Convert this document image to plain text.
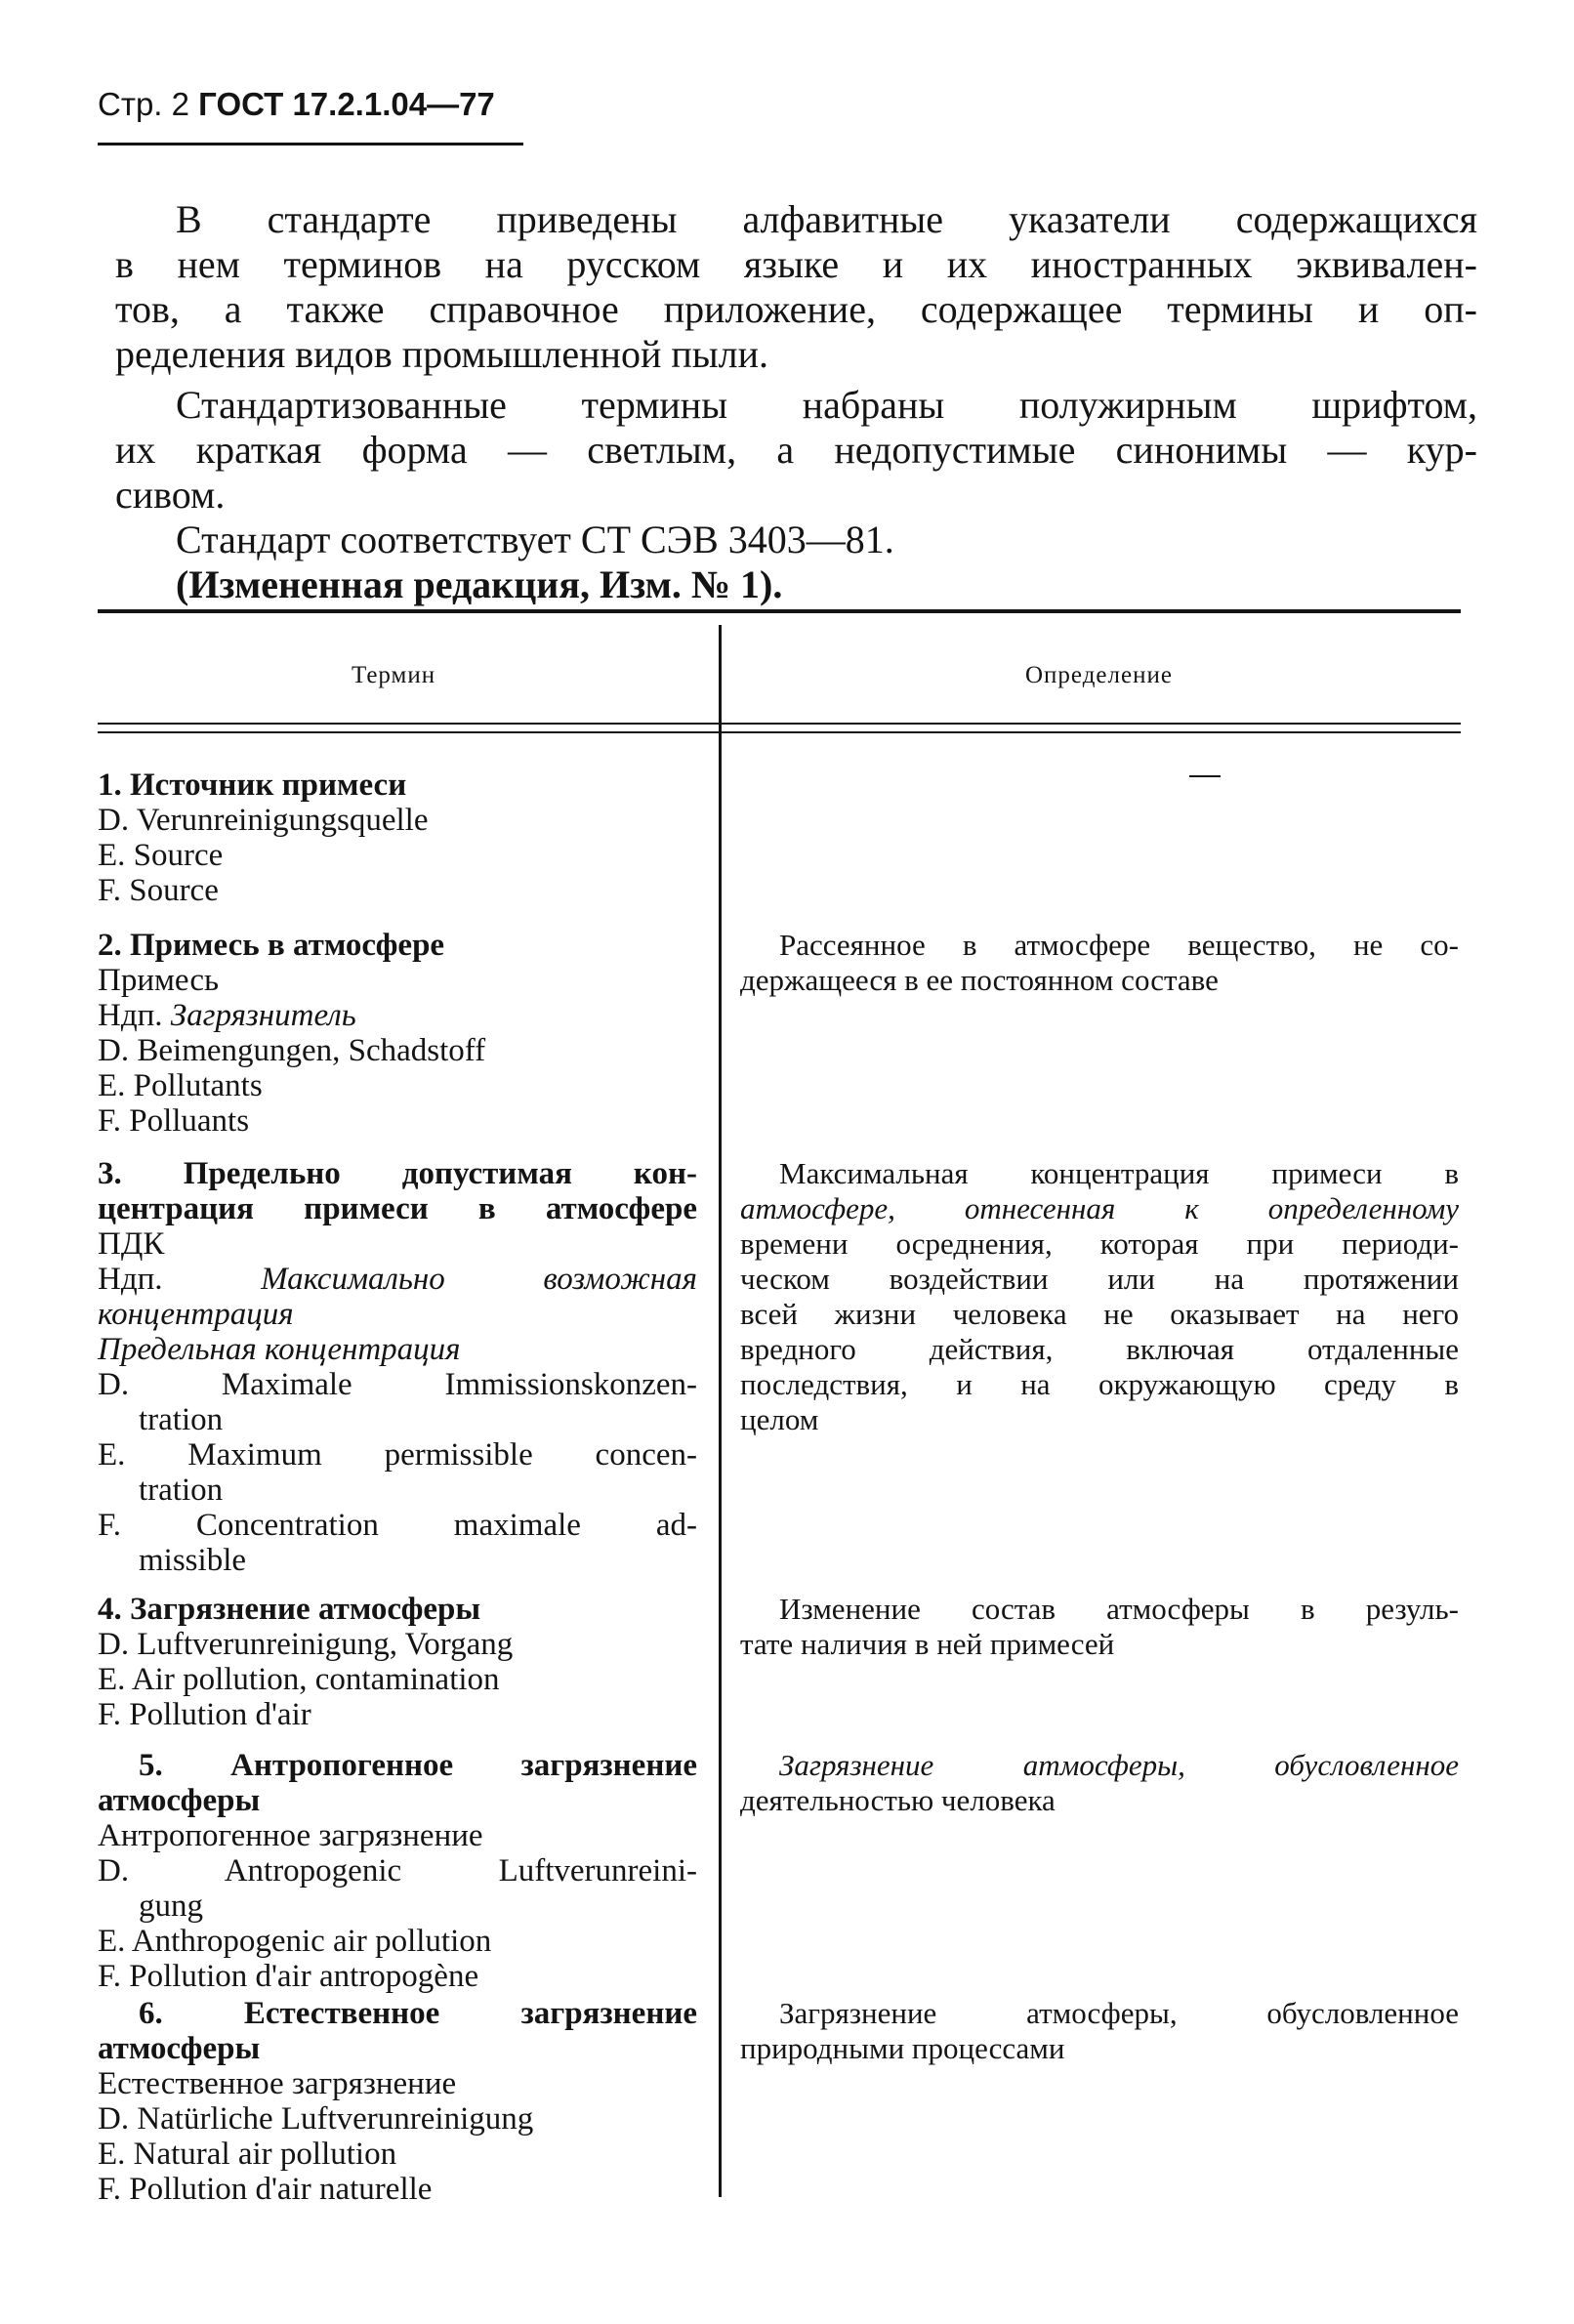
Стр. 2 ГОСТ 17.2.1.04—77
В стандарте приведены алфавитные указатели содержащихся
в нем терминов на русском языке и их иностранных эквивален-
тов, а также справочное приложение, содержащее термины и оп-
ределения видов промышленной пыли.
Стандартизованные термины набраны полужирным шрифтом,
их краткая форма — светлым, а недопустимые синонимы — кур-
сивом.
Стандарт соответствует СТ СЭВ 3403—81.
(Измененная редакция, Изм. № 1).
Термин	Определение
1. Источник примеси
D. Verunreinigungsquelle
E. Source
F. Source
2. Примесь в атмосфере
Примесь
Ндп. Загрязнитель
D. Beimengungen, Schadstoff
E. Pollutants
F. Polluants
Рассеянное в атмосфере вещество, не со-
держащееся в ее постоянном составе
3. Предельно допустимая кон-
центрация примеси в атмосфере
ПДК
Ндп.	Максимально возможная
концентрация
Предельная концентрация
D. Maximale Immissionskonzen-
tration
E. Maximum permissible concen-
tration
F. Concentration maximale ad-
missible
Максимальная концентрация примеси в
атмосфере, отнесенная к определенному
времени осреднения, которая при периоди-
ческом воздействии или на протяжении
всей жизни человека не оказывает на него
вредного действия, включая отдаленные
последствия, и на окружающую среду в
целом
4. Загрязнение атмосферы
D. Luftverunreinigung, Vorgang
E. Air pollution, contamination
F. Pollution d'air
Изменение состав атмосферы в резуль-
тате наличия в ней примесей
5. Антропогенное загрязнение
атмосферы
Антропогенное загрязнение
D. Antropogenic Luftverunreini-
gung
E. Anthropogenic air pollution
F. Pollution d'air antropogène
Загрязнение атмосферы, обусловленное
деятельностью человека
6. Естественное загрязнение
атмосферы
Естественное загрязнение
D. Natürliche Luftverunreinigung
E. Natural air pollution
F. Pollution d'air naturelle
Загрязнение атмосферы, обусловленное
природными процессами
